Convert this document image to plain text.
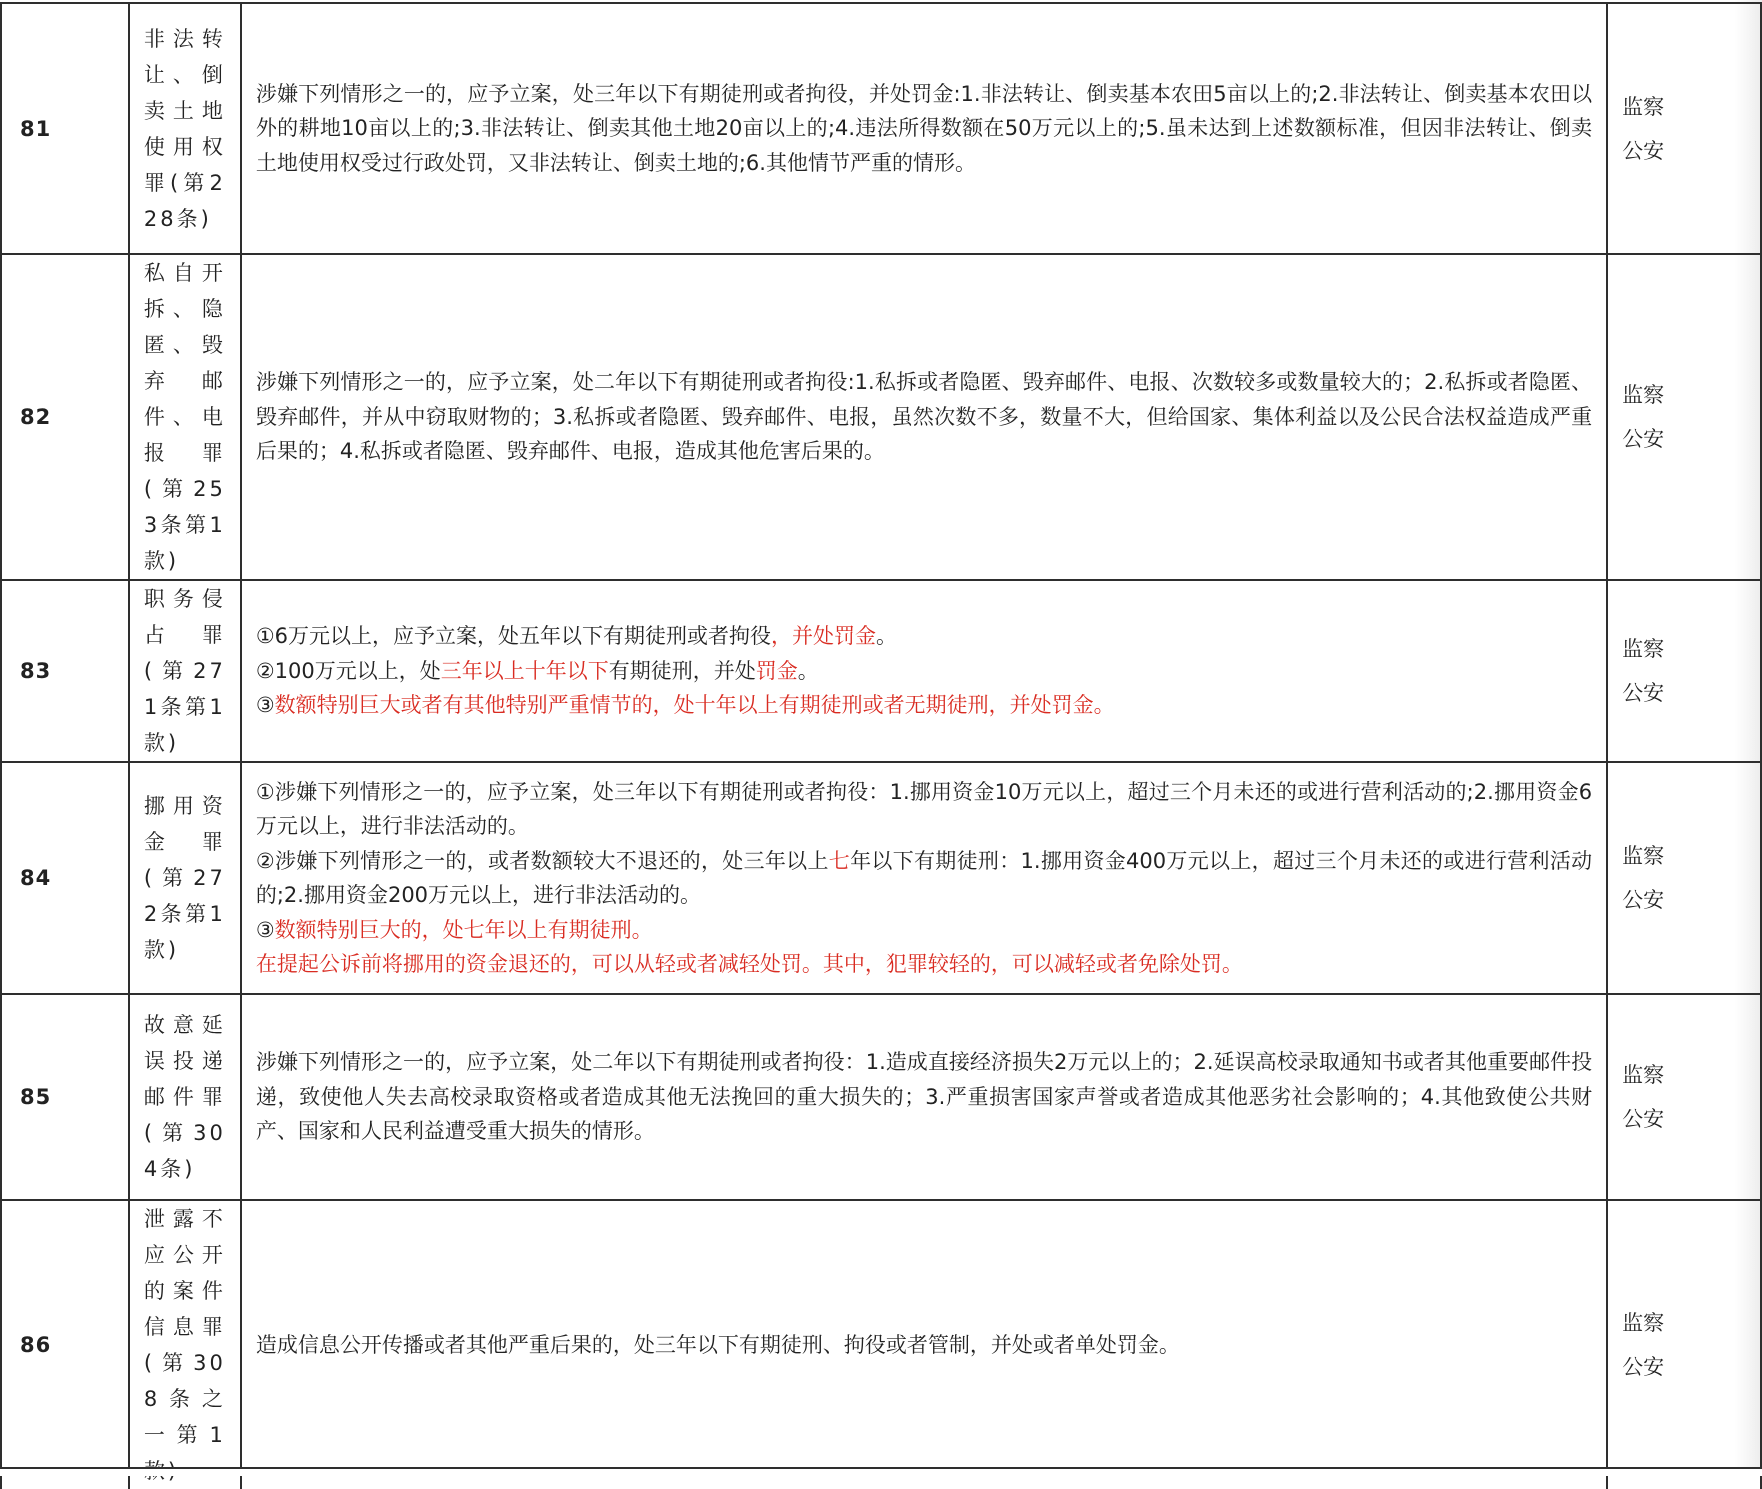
81	非法转让、倒卖土地使用权罪(第228条)	涉嫌下列情形之一的，应予立案，处三年以下有期徒刑或者拘役，并处罚金:1.非法转让、倒卖基本农田5亩以上的;2.非法转让、倒卖基本农田以外的耕地10亩以上的;3.非法转让、倒卖其他土地20亩以上的;4.违法所得数额在50万元以上的;5.虽未达到上述数额标准，但因非法转让、倒卖土地使用权受过行政处罚，又非法转让、倒卖土地的;6.其他情节严重的情形。	监察
公安

82	私自开拆、隐匿、毁弃邮件、电报罪(第253条第1款)	涉嫌下列情形之一的，应予立案，处二年以下有期徒刑或者拘役:1.私拆或者隐匿、毁弃邮件、电报、次数较多或数量较大的；2.私拆或者隐匿、毁弃邮件，并从中窃取财物的；3.私拆或者隐匿、毁弃邮件、电报，虽然次数不多，数量不大，但给国家、集体利益以及公民合法权益造成严重后果的；4.私拆或者隐匿、毁弃邮件、电报，造成其他危害后果的。	监察
公安

83	职务侵占罪(第271条第1款)	①6万元以上，应予立案，处五年以下有期徒刑或者拘役，并处罚金。
②100万元以上，处三年以上十年以下有期徒刑，并处罚金。
③数额特别巨大或者有其他特别严重情节的，处十年以上有期徒刑或者无期徒刑，并处罚金。	监察
公安

84	挪用资金罪(第272条第1款)	①涉嫌下列情形之一的，应予立案，处三年以下有期徒刑或者拘役：1.挪用资金10万元以上，超过三个月未还的或进行营利活动的;2.挪用资金6万元以上，进行非法活动的。
②涉嫌下列情形之一的，或者数额较大不退还的，处三年以上七年以下有期徒刑：1.挪用资金400万元以上，超过三个月未还的或进行营利活动的;2.挪用资金200万元以上，进行非法活动的。
③数额特别巨大的，处七年以上有期徒刑。
在提起公诉前将挪用的资金退还的，可以从轻或者减轻处罚。其中，犯罪较轻的，可以减轻或者免除处罚。	监察
公安

85	故意延误投递邮件罪(第304条)	涉嫌下列情形之一的，应予立案，处二年以下有期徒刑或者拘役：1.造成直接经济损失2万元以上的；2.延误高校录取通知书或者其他重要邮件投递，致使他人失去高校录取资格或者造成其他无法挽回的重大损失的；3.严重损害国家声誉或者造成其他恶劣社会影响的；4.其他致使公共财产、国家和人民利益遭受重大损失的情形。	监察
公安

86	泄露不应公开的案件信息罪(第308条之一第1	造成信息公开传播或者其他严重后果的，处三年以下有期徒刑、拘役或者管制，并处或者单处罚金。	监察
公安
